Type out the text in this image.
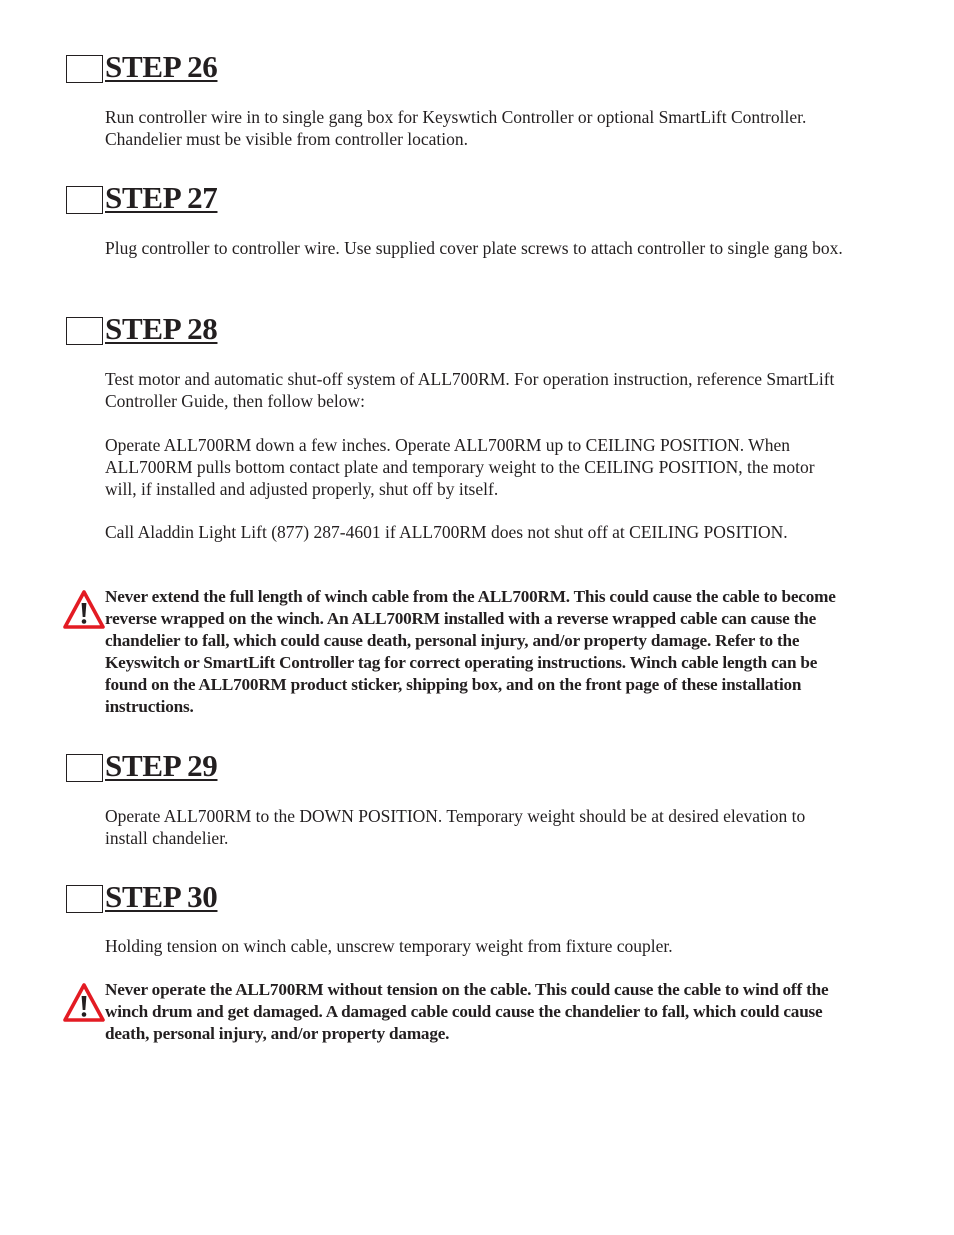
STEP 26

Run controller wire in to single gang box for Keyswtich Controller or optional SmartLift Controller. Chandelier must be visible from controller location.

STEP 27

Plug controller to controller wire. Use supplied cover plate screws to attach controller to single gang box.

STEP 28

Test motor and automatic shut-off system of ALL700RM. For operation instruction, reference SmartLift Controller Guide, then follow below:

Operate ALL700RM down a few inches. Operate ALL700RM up to CEILING POSITION. When ALL700RM pulls bottom contact plate and temporary weight to the CEILING POSITION, the motor will, if installed and adjusted properly, shut off by itself.

Call Aladdin Light Lift (877) 287-4601 if ALL700RM does not shut off at CEILING POSITION.

Never extend the full length of winch cable from the ALL700RM. This could cause the cable to become reverse wrapped on the winch. An ALL700RM installed with a reverse wrapped cable can cause the chandelier to fall, which could cause death, personal injury, and/or property damage. Refer to the Keyswitch or SmartLift Controller tag for correct operating instructions. Winch cable length can be found on the ALL700RM product sticker, shipping box, and on the front page of these installation instructions.

STEP 29

Operate ALL700RM to the DOWN POSITION. Temporary weight should be at desired elevation to install chandelier.

STEP 30

Holding tension on winch cable, unscrew temporary weight from fixture coupler.

Never operate the ALL700RM without tension on the cable. This could cause the cable to wind off the winch drum and get damaged. A damaged cable could cause the chandelier to fall, which could cause death, personal injury, and/or property damage.
